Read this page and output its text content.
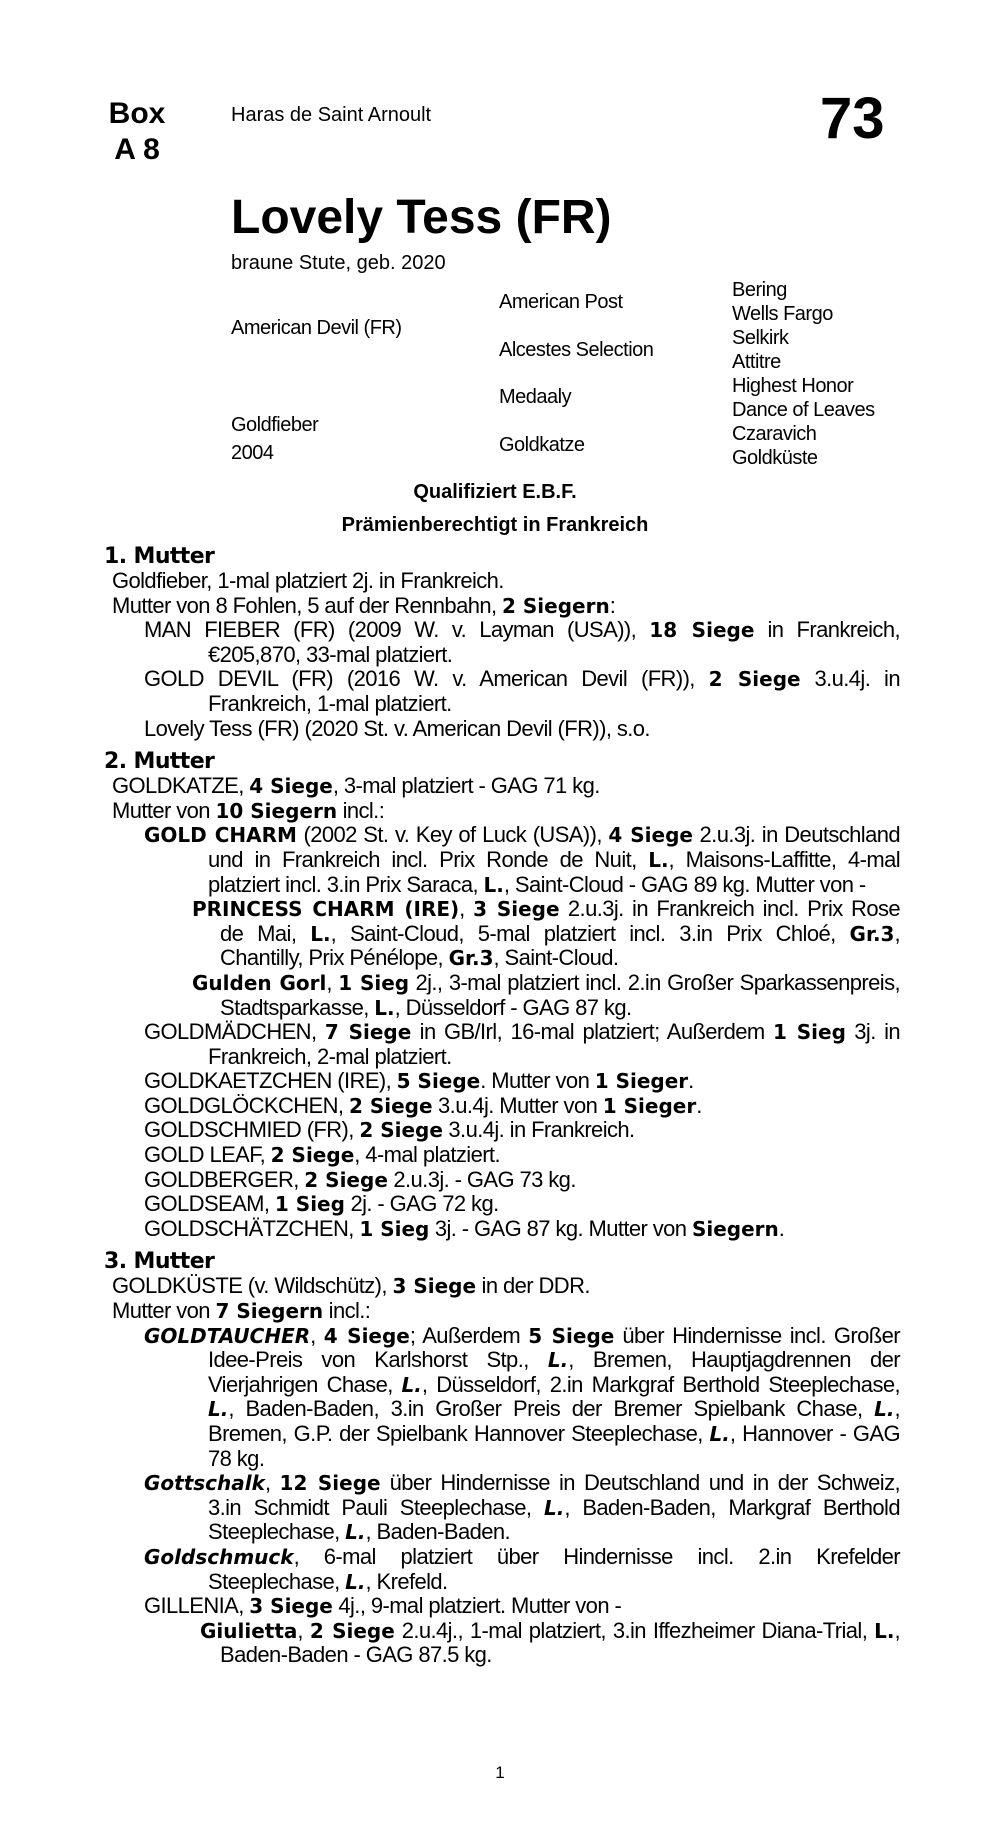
Box
A 8
Haras de Saint Arnoult	73
Lovely Tess (FR)
braune Stute, geb. 2020
American Devil (FR)
Goldfieber
2004
American Post
Alcestes Selection
Medaaly
Goldkatze
Bering
Wells Fargo
Selkirk
Attitre
Highest Honor
Dance of Leaves
Czaravich
Goldküste
Qualifiziert E.B.F.
Prämienberechtigt in Frankreich
1. Mutter
Goldfieber, 1-mal platziert 2j. in Frankreich.
Mutter von 8 Fohlen, 5 auf der Rennbahn, 2 Siegern:
MAN FIEBER (FR) (2009 W. v. Layman (USA)), 18 Siege in Frankreich, €205,870, 33-mal platziert.
GOLD DEVIL (FR) (2016 W. v. American Devil (FR)), 2 Siege 3.u.4j. in Frankreich, 1-mal platziert.
Lovely Tess (FR) (2020 St. v. American Devil (FR)), s.o.
2. Mutter
GOLDKATZE, 4 Siege, 3-mal platziert - GAG 71 kg.
Mutter von 10 Siegern incl.:
GOLD CHARM (2002 St. v. Key of Luck (USA)), 4 Siege 2.u.3j. in Deutschland und in Frankreich incl. Prix Ronde de Nuit, L., Maisons-Laffitte, 4-mal platziert incl. 3.in Prix Saraca, L., Saint-Cloud - GAG 89 kg. Mutter von -
PRINCESS CHARM (IRE), 3 Siege 2.u.3j. in Frankreich incl. Prix Rose de Mai, L., Saint-Cloud, 5-mal platziert incl. 3.in Prix Chloé, Gr.3, Chantilly, Prix Pénélope, Gr.3, Saint-Cloud.
Gulden Gorl, 1 Sieg 2j., 3-mal platziert incl. 2.in Großer Sparkassenpreis, Stadtsparkasse, L., Düsseldorf - GAG 87 kg.
GOLDMÄDCHEN, 7 Siege in GB/Irl, 16-mal platziert; Außerdem 1 Sieg 3j. in Frankreich, 2-mal platziert.
GOLDKAETZCHEN (IRE), 5 Siege. Mutter von 1 Sieger.
GOLDGLÖCKCHEN, 2 Siege 3.u.4j. Mutter von 1 Sieger.
GOLDSCHMIED (FR), 2 Siege 3.u.4j. in Frankreich.
GOLD LEAF, 2 Siege, 4-mal platziert.
GOLDBERGER, 2 Siege 2.u.3j. - GAG 73 kg.
GOLDSEAM, 1 Sieg 2j. - GAG 72 kg.
GOLDSCHÄTZCHEN, 1 Sieg 3j. - GAG 87 kg. Mutter von Siegern.
3. Mutter
GOLDKÜSTE (v. Wildschütz), 3 Siege in der DDR.
Mutter von 7 Siegern incl.:
GOLDTAUCHER, 4 Siege; Außerdem 5 Siege über Hindernisse incl. Großer Idee-Preis von Karlshorst Stp., L., Bremen, Hauptjagdrennen der Vierjahrigen Chase, L., Düsseldorf, 2.in Markgraf Berthold Steeplechase, L., Baden-Baden, 3.in Großer Preis der Bremer Spielbank Chase, L., Bremen, G.P. der Spielbank Hannover Steeplechase, L., Hannover - GAG 78 kg.
Gottschalk, 12 Siege über Hindernisse in Deutschland und in der Schweiz, 3.in Schmidt Pauli Steeplechase, L., Baden-Baden, Markgraf Berthold Steeplechase, L., Baden-Baden.
Goldschmuck, 6-mal platziert über Hindernisse incl. 2.in Krefelder Steeplechase, L., Krefeld.
GILLENIA, 3 Siege 4j., 9-mal platziert. Mutter von -
Giulietta, 2 Siege 2.u.4j., 1-mal platziert, 3.in Iffezheimer Diana-Trial, L., Baden-Baden - GAG 87.5 kg.
1
